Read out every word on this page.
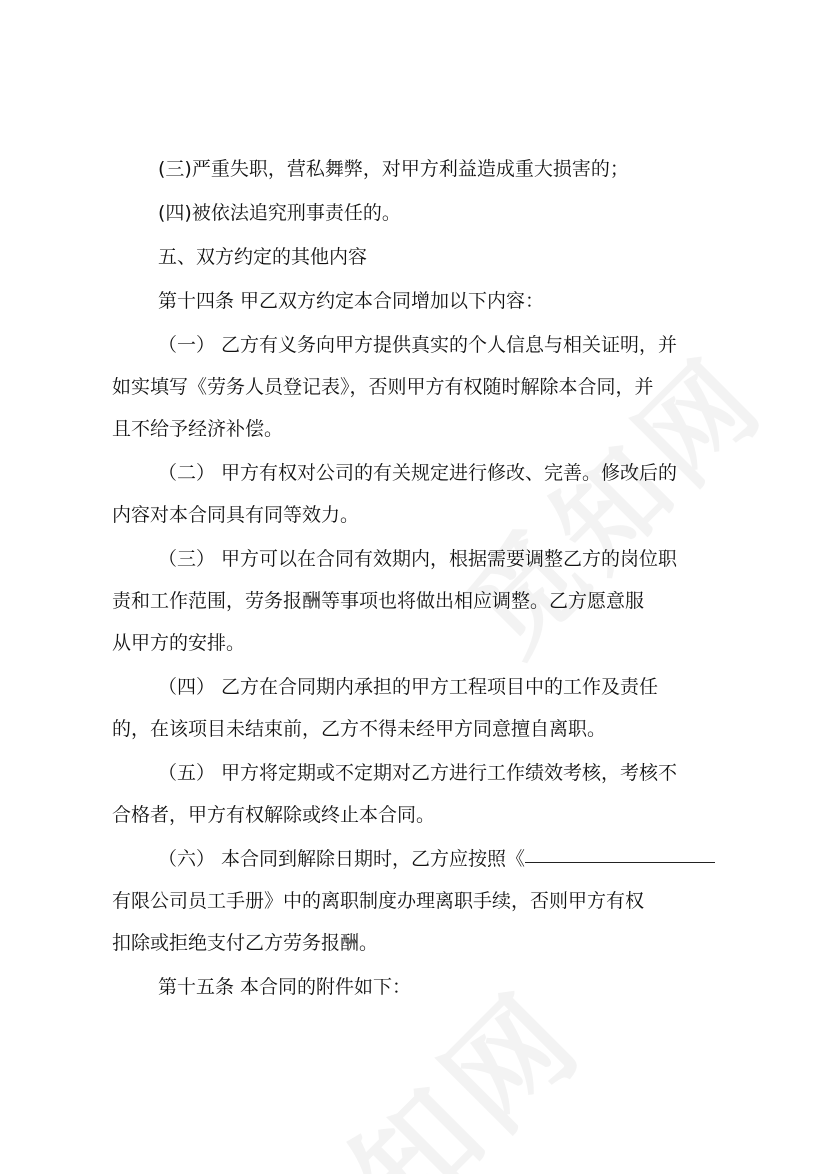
(三)严重失职，营私舞弊，对甲方利益造成重大损害的；
(四)被依法追究刑事责任的。
五、双方约定的其他内容
第十四条 甲乙双方约定本合同增加以下内容：
（一） 乙方有义务向甲方提供真实的个人信息与相关证明，并
如实填写《劳务人员登记表》，否则甲方有权随时解除本合同，并
且不给予经济补偿。
（二） 甲方有权对公司的有关规定进行修改、完善。修改后的
内容对本合同具有同等效力。
（三） 甲方可以在合同有效期内，根据需要调整乙方的岗位职
责和工作范围，劳务报酬等事项也将做出相应调整。乙方愿意服
从甲方的安排。
（四） 乙方在合同期内承担的甲方工程项目中的工作及责任
的，在该项目未结束前，乙方不得未经甲方同意擅自离职。
（五） 甲方将定期或不定期对乙方进行工作绩效考核，考核不
合格者，甲方有权解除或终止本合同。
（六） 本合同到解除日期时，乙方应按照《
有限公司员工手册》中的离职制度办理离职手续，否则甲方有权
扣除或拒绝支付乙方劳务报酬。
第十五条 本合同的附件如下：
